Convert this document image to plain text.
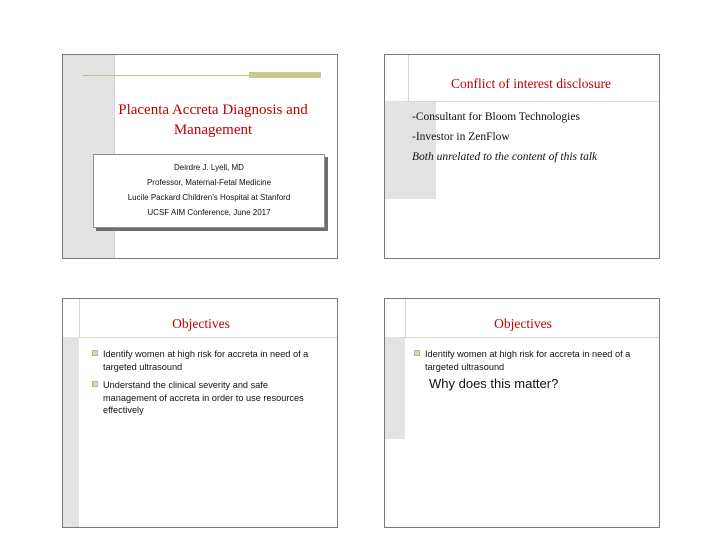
Placenta Accreta Diagnosis and Management
Deirdre J. Lyell, MD
Professor, Maternal-Fetal Medicine
Lucile Packard Children’s Hospital at Stanford
UCSF AIM Conference, June 2017
Conflict of interest disclosure
-Consultant for Bloom Technologies
-Investor in ZenFlow
Both unrelated to the content of this talk
Objectives
Identify women at high risk for accreta in need of a targeted ultrasound
Understand the clinical severity and safe management of accreta in order to use resources effectively
Objectives
Identify women at high risk for accreta in need of a targeted ultrasound
Why does this matter?
